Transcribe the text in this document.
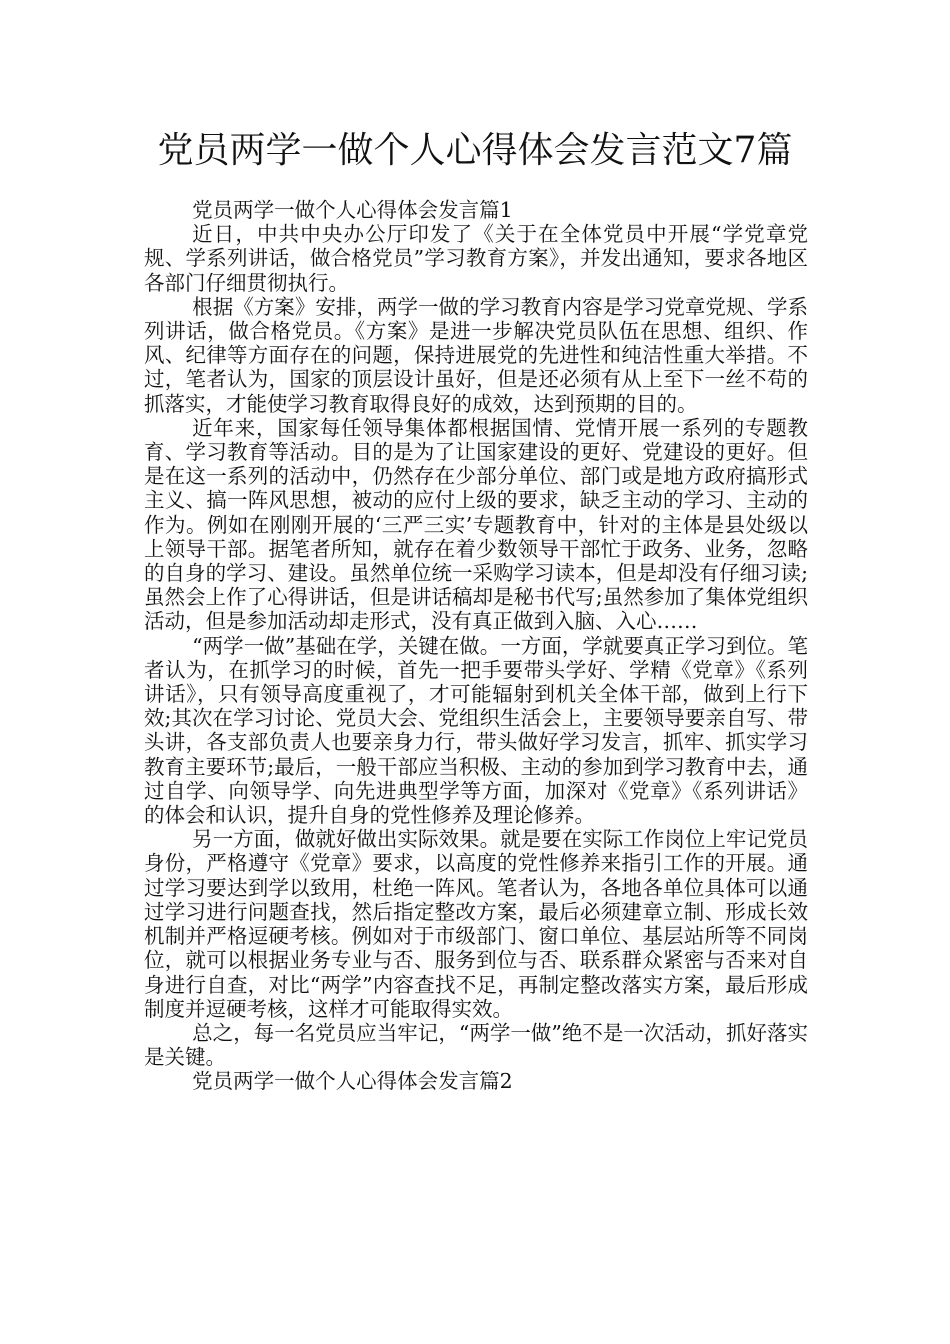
党员两学一做个人心得体会发言范文7篇

党员两学一做个人心得体会发言篇1

近日，中共中央办公厅印发了《关于在全体党员中开展“学党章党规、学系列讲话，做合格党员”学习教育方案》，并发出通知，要求各地区各部门仔细贯彻执行。

根据《方案》安排，两学一做的学习教育内容是学习党章党规、学系列讲话，做合格党员。《方案》是进一步解决党员队伍在思想、组织、作风、纪律等方面存在的问题，保持进展党的先进性和纯洁性重大举措。不过，笔者认为，国家的顶层设计虽好，但是还必须有从上至下一丝不苟的抓落实，才能使学习教育取得良好的成效，达到预期的目的。

近年来，国家每任领导集体都根据国情、党情开展一系列的专题教育、学习教育等活动。目的是为了让国家建设的更好、党建设的更好。但是在这一系列的活动中，仍然存在少部分单位、部门或是地方政府搞形式主义、搞一阵风思想，被动的应付上级的要求，缺乏主动的学习、主动的作为。例如在刚刚开展的‘三严三实’专题教育中，针对的主体是县处级以上领导干部。据笔者所知，就存在着少数领导干部忙于政务、业务，忽略的自身的学习、建设。虽然单位统一采购学习读本，但是却没有仔细习读;虽然会上作了心得讲话，但是讲话稿却是秘书代写;虽然参加了集体党组织活动，但是参加活动却走形式，没有真正做到入脑、入心……

“两学一做”基础在学，关键在做。一方面，学就要真正学习到位。笔者认为，在抓学习的时候，首先一把手要带头学好、学精《党章》《系列讲话》，只有领导高度重视了，才可能辐射到机关全体干部，做到上行下效;其次在学习讨论、党员大会、党组织生活会上，主要领导要亲自写、带头讲，各支部负责人也要亲身力行，带头做好学习发言，抓牢、抓实学习教育主要环节;最后，一般干部应当积极、主动的参加到学习教育中去，通过自学、向领导学、向先进典型学等方面，加深对《党章》《系列讲话》的体会和认识，提升自身的党性修养及理论修养。

另一方面，做就好做出实际效果。就是要在实际工作岗位上牢记党员身份，严格遵守《党章》要求，以高度的党性修养来指引工作的开展。通过学习要达到学以致用，杜绝一阵风。笔者认为，各地各单位具体可以通过学习进行问题查找，然后指定整改方案，最后必须建章立制、形成长效机制并严格逗硬考核。例如对于市级部门、窗口单位、基层站所等不同岗位，就可以根据业务专业与否、服务到位与否、联系群众紧密与否来对自身进行自查，对比“两学”内容查找不足，再制定整改落实方案，最后形成制度并逗硬考核，这样才可能取得实效。

总之，每一名党员应当牢记，“两学一做”绝不是一次活动，抓好落实是关键。

党员两学一做个人心得体会发言篇2
